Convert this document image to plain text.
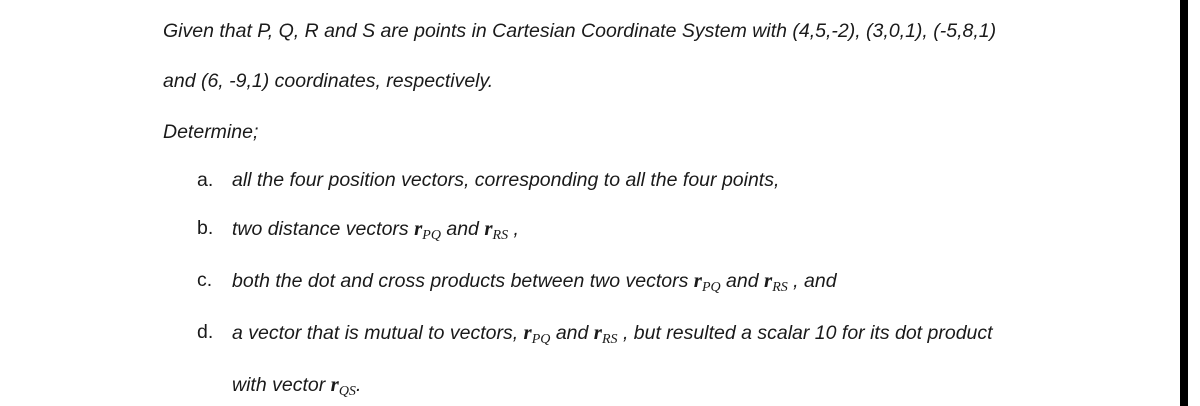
Given that P, Q, R and S are points in Cartesian Coordinate System with (4,5,-2), (3,0,1), (-5,8,1)
and (6, -9,1) coordinates, respectively.
Determine;
a. all the four position vectors, corresponding to all the four points,
b. two distance vectors $r_{PQ}$ and $r_{RS}$ ,
c. both the dot and cross products between two vectors $r_{PQ}$ and $r_{RS}$ , and
d. a vector that is mutual to vectors, $r_{PQ}$ and $r_{RS}$ , but resulted a scalar 10 for its dot product
with vector $r_{QS}$.
